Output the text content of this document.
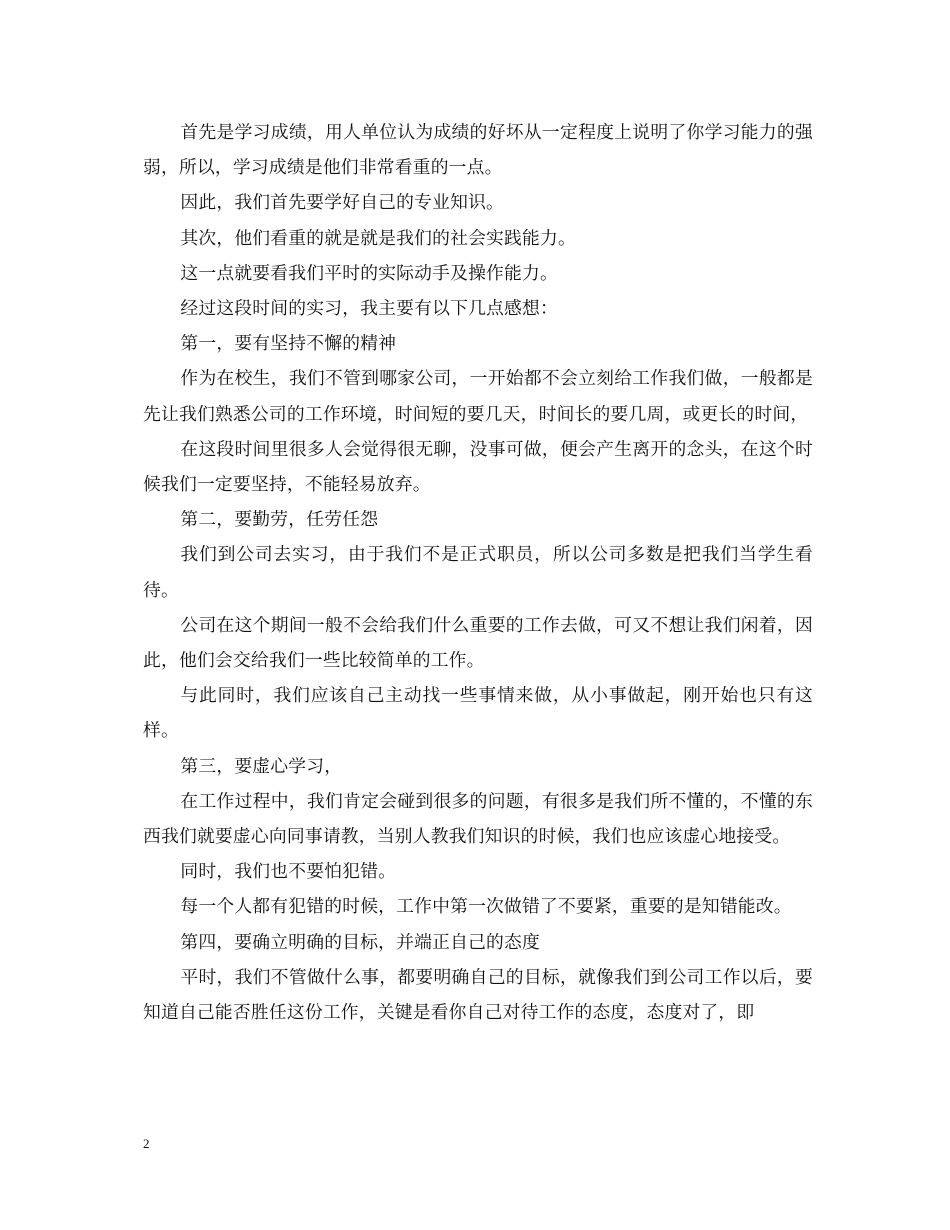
首先是学习成绩，用人单位认为成绩的好坏从一定程度上说明了你学习能力的强弱，所以，学习成绩是他们非常看重的一点。

因此，我们首先要学好自己的专业知识。

其次，他们看重的就是就是我们的社会实践能力。

这一点就要看我们平时的实际动手及操作能力。

经过这段时间的实习，我主要有以下几点感想：

第一，要有坚持不懈的精神

作为在校生，我们不管到哪家公司，一开始都不会立刻给工作我们做，一般都是先让我们熟悉公司的工作环境，时间短的要几天，时间长的要几周，或更长的时间，

在这段时间里很多人会觉得很无聊，没事可做，便会产生离开的念头，在这个时候我们一定要坚持，不能轻易放弃。

第二，要勤劳，任劳任怨

我们到公司去实习，由于我们不是正式职员，所以公司多数是把我们当学生看待。

公司在这个期间一般不会给我们什么重要的工作去做，可又不想让我们闲着，因此，他们会交给我们一些比较简单的工作。

与此同时，我们应该自己主动找一些事情来做，从小事做起，刚开始也只有这样。

第三，要虚心学习，

在工作过程中，我们肯定会碰到很多的问题，有很多是我们所不懂的，不懂的东西我们就要虚心向同事请教，当别人教我们知识的时候，我们也应该虚心地接受。

同时，我们也不要怕犯错。

每一个人都有犯错的时候，工作中第一次做错了不要紧，重要的是知错能改。

第四，要确立明确的目标，并端正自己的态度

平时，我们不管做什么事，都要明确自己的目标，就像我们到公司工作以后，要知道自己能否胜任这份工作，关键是看你自己对待工作的态度，态度对了，即

2
